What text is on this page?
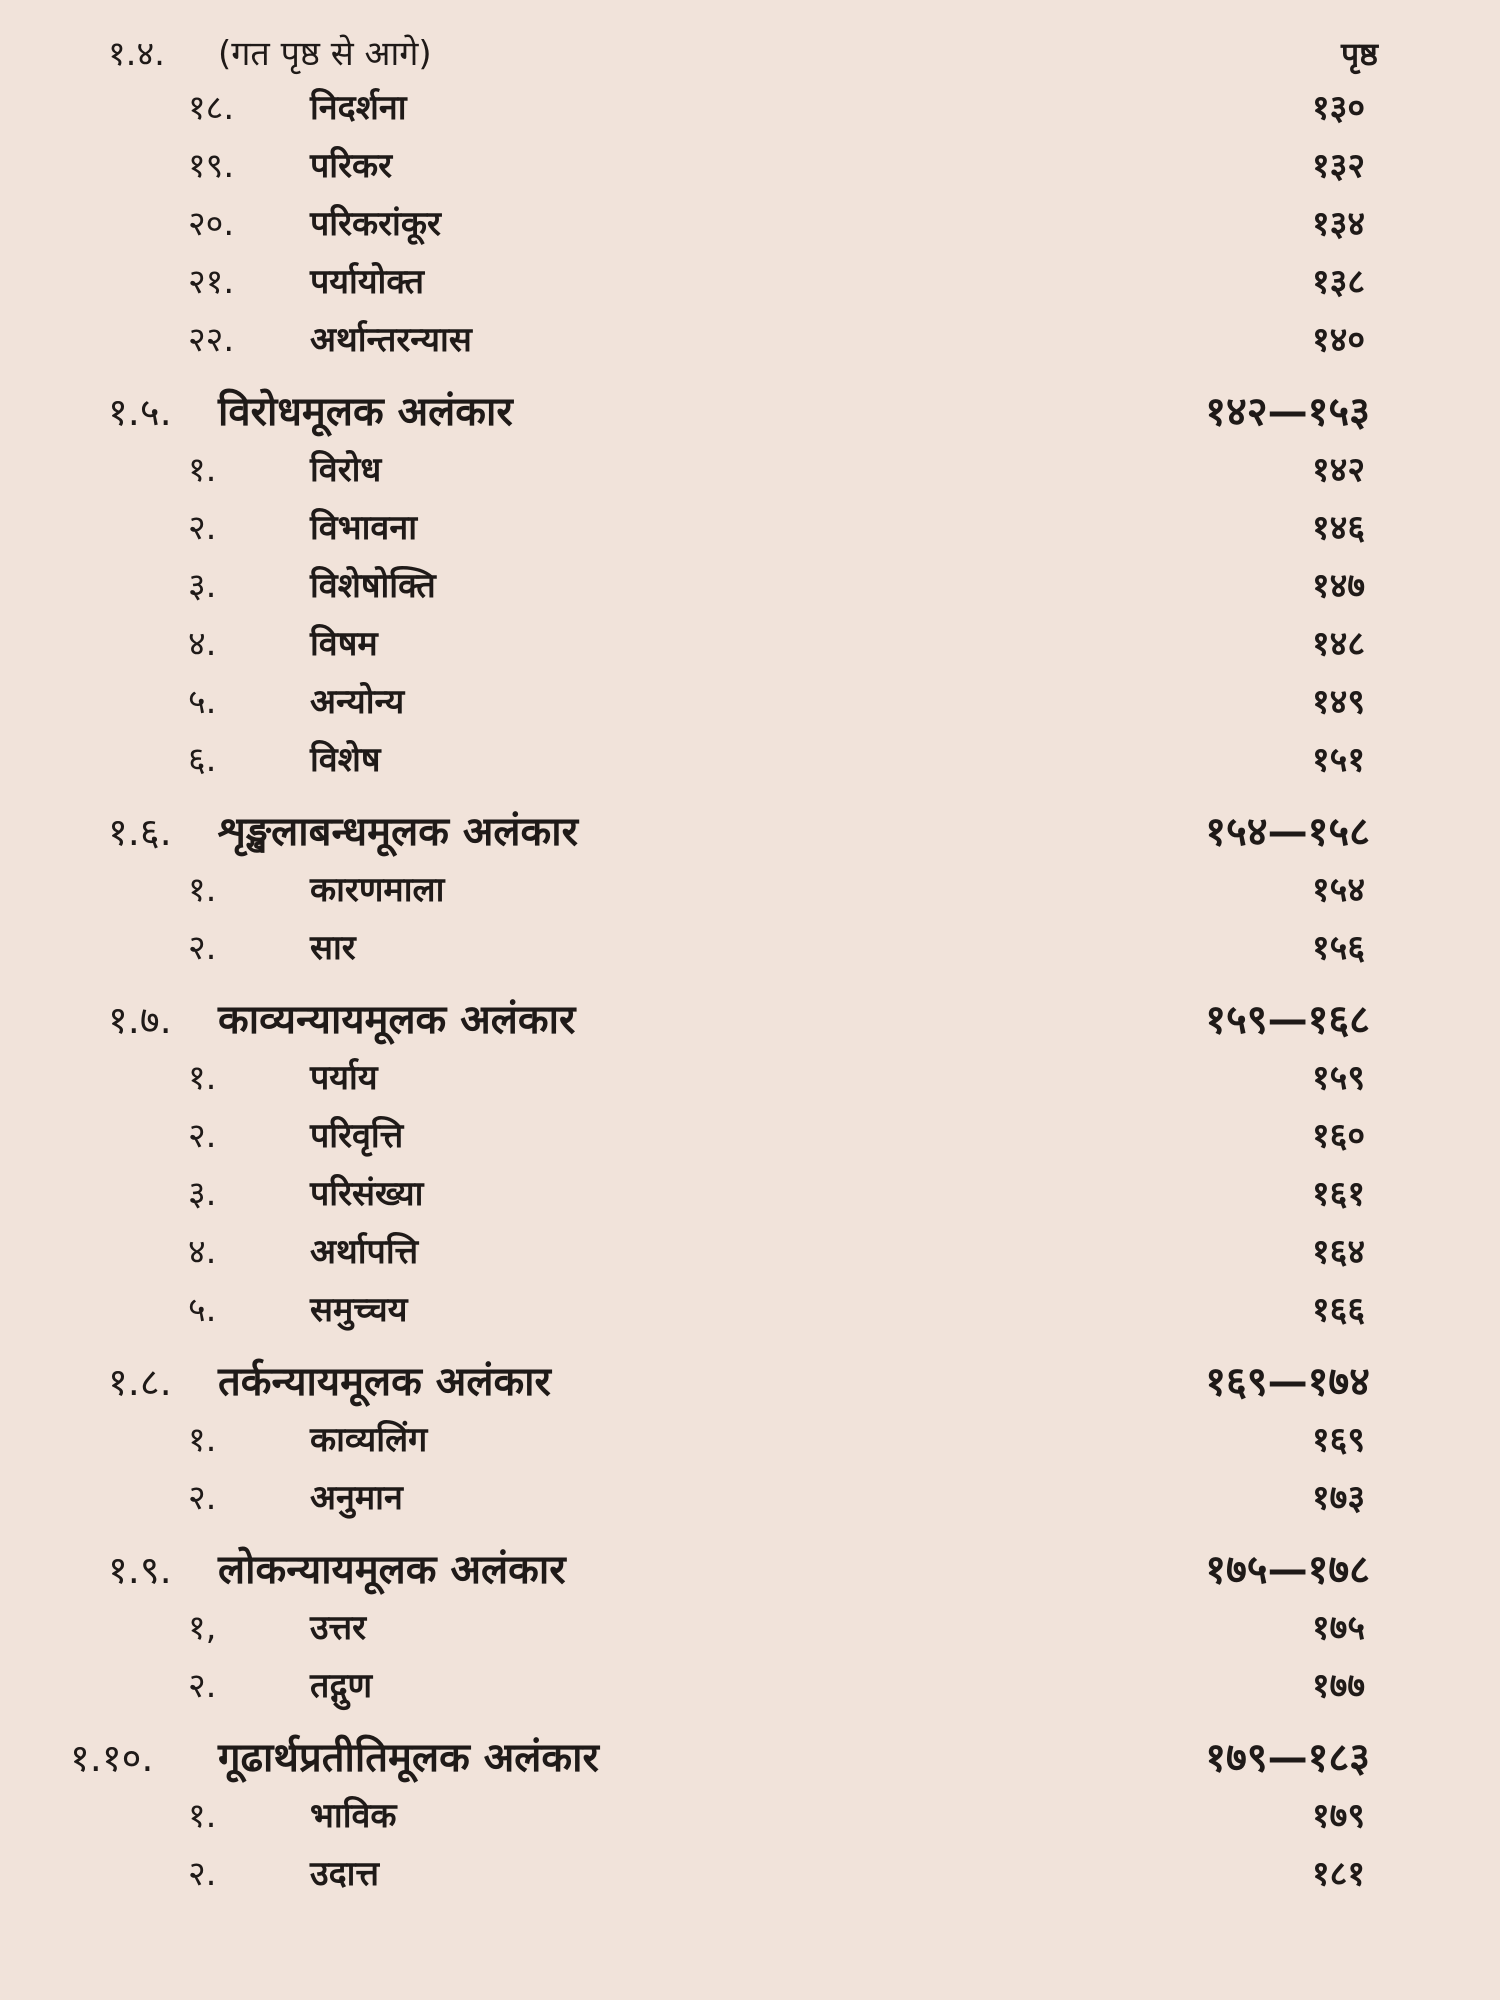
१.४. (गत पृष्ठ से आगे)	पृष्ठ
१८. निदर्शना	१३०
१९. परिकर	१३२
२०. परिकरांकूर	१३४
२१. पर्यायोक्त	१३८
२२. अर्थान्तरन्यास	१४०
१.५. विरोधमूलक अलंकार	१४२—१५३
१.	विरोध	१४२
२.	विभावना	१४६
३.	विशेषोक्ति	१४७
४.	विषम	१४८
५.	अन्योन्य	१४९
६.	विशेष	१५१
१.६. शृङ्खलाबन्धमूलक अलंकार	१५४—१५८
१.	कारणमाला	१५४
२.	सार	१५६
१.७. काव्यन्यायमूलक अलंकार	१५९—१६८
१.	पर्याय	१५९
२.	परिवृत्ति	१६०
३.	परिसंख्या	१६१
४.	अर्थापत्ति	१६४
५.	समुच्चय	१६६
१.८. तर्कन्यायमूलक अलंकार	१६९—१७४
१.	काव्यलिंग	१६९
२.	अनुमान	१७३
१.९. लोकन्यायमूलक अलंकार	१७५—१७८
१,	उत्तर	१७५
२.	तद्गुण	१७७
१.१०. गूढार्थप्रतीतिमूलक अलंकार	१७९—१८३
१.	भाविक	१७९
२.	उदात्त	१८१
